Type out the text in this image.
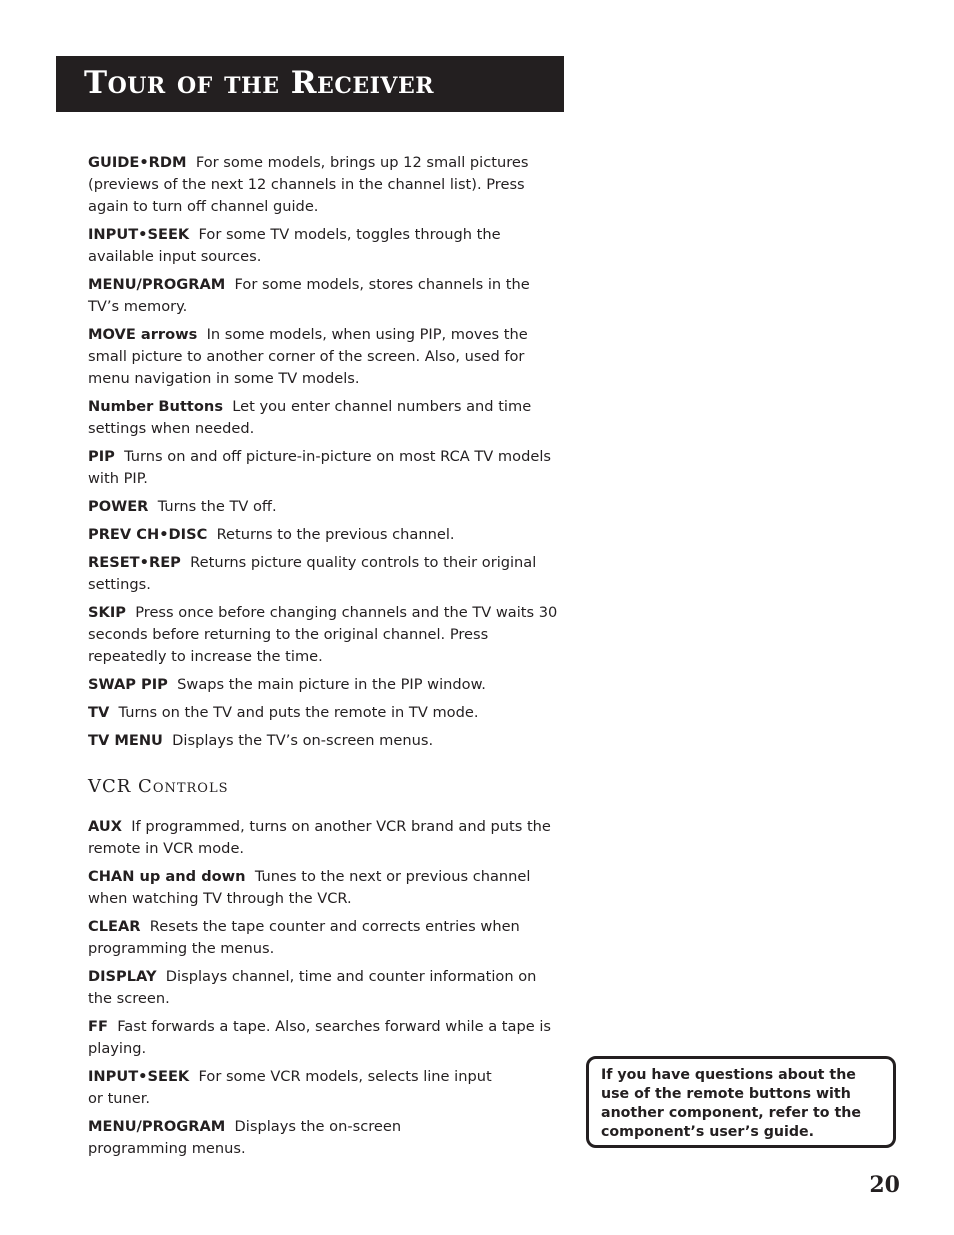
Tour of the Receiver

GUIDE•RDM For some models, brings up 12 small pictures (previews of the next 12 channels in the channel list). Press again to turn off channel guide.

INPUT•SEEK For some TV models, toggles through the available input sources.

MENU/PROGRAM For some models, stores channels in the TV’s memory.

MOVE arrows In some models, when using PIP, moves the small picture to another corner of the screen. Also, used for menu navigation in some TV models.

Number Buttons Let you enter channel numbers and time settings when needed.

PIP Turns on and off picture-in-picture on most RCA TV models with PIP.

POWER Turns the TV off.

PREV CH•DISC Returns to the previous channel.

RESET•REP Returns picture quality controls to their original settings.

SKIP Press once before changing channels and the TV waits 30 seconds before returning to the original channel. Press repeatedly to increase the time.

SWAP PIP Swaps the main picture in the PIP window.

TV Turns on the TV and puts the remote in TV mode.

TV MENU Displays the TV’s on-screen menus.

VCR Controls

AUX If programmed, turns on another VCR brand and puts the remote in VCR mode.

CHAN up and down Tunes to the next or previous channel when watching TV through the VCR.

CLEAR Resets the tape counter and corrects entries when programming the menus.

DISPLAY Displays channel, time and counter information on the screen.

FF Fast forwards a tape. Also, searches forward while a tape is playing.

INPUT•SEEK For some VCR models, selects line input or tuner.

MENU/PROGRAM Displays the on-screen programming menus.

If you have questions about the use of the remote buttons with another component, refer to the component’s user’s guide.
20
